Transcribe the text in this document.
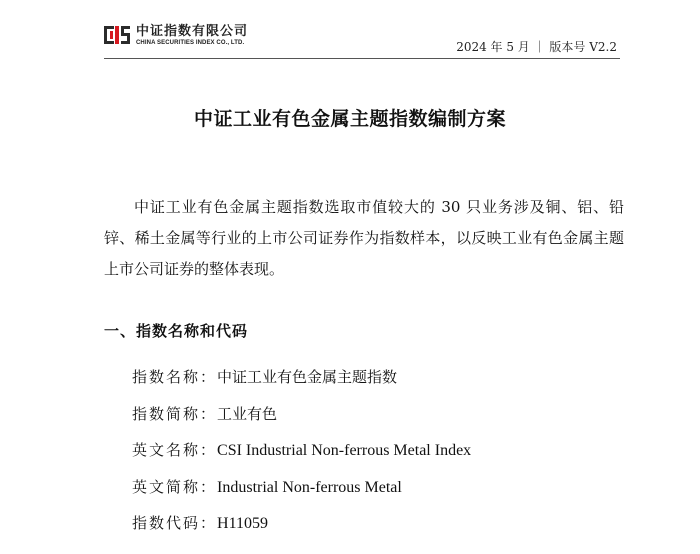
中证指数有限公司
CHINA SECURITIES INDEX CO., LTD.	2024 年 5 月 ｜ 版本号 V2.2
中证工业有色金属主题指数编制方案

中证工业有色金属主题指数选取市值较大的 30 只业务涉及铜、铝、铅锌、稀土金属等行业的上市公司证券作为指数样本，以反映工业有色金属主题上市公司证券的整体表现。

一、指数名称和代码
指数名称：中证工业有色金属主题指数
指数简称：工业有色
英文名称：CSI Industrial Non-ferrous Metal Index
英文简称：Industrial Non-ferrous Metal
指数代码：H11059
